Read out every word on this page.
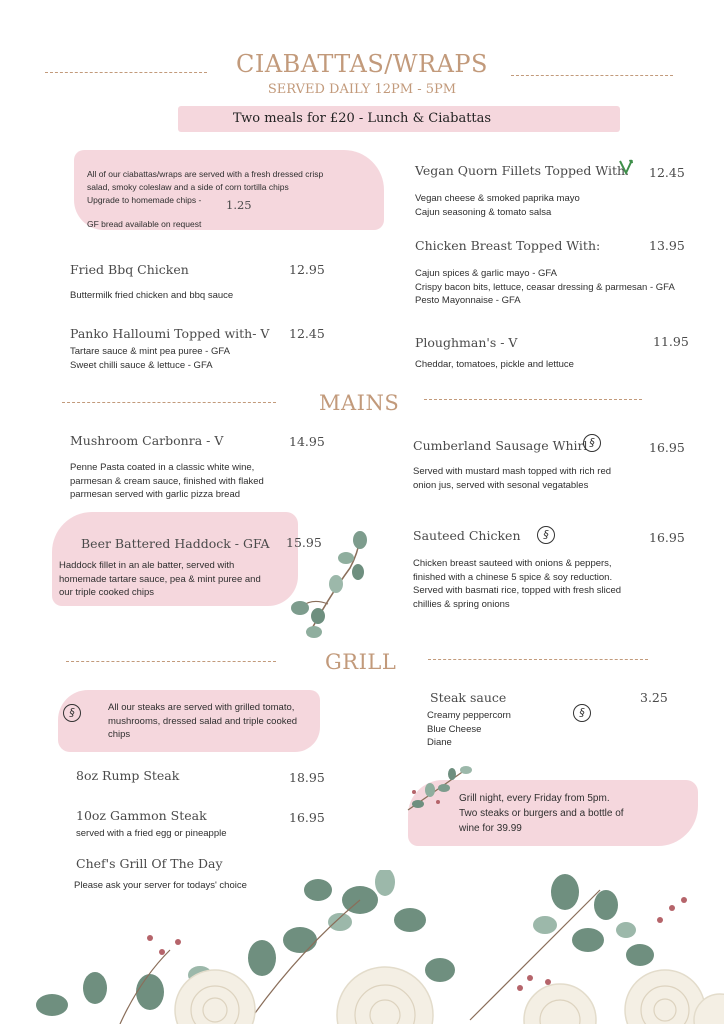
CIABATTAS/WRAPS
SERVED DAILY 12PM - 5PM
Two meals for £20 - Lunch & Ciabattas
All of our ciabattas/wraps are served with a fresh dressed crisp
salad, smoky coleslaw and a side of corn tortilla chips
Upgrade to homemade chips -	1.25
GF bread available on request
Fried Bbq Chicken	12.95
Buttermilk fried chicken and bbq sauce
Panko Halloumi Topped with- V 12.45
Tartare sauce & mint pea puree - GFA
Sweet chilli sauce & lettuce - GFA
Vegan Quorn Fillets Topped With: 12.45
Vegan cheese & smoked paprika mayo
Cajun seasoning & tomato salsa
Chicken Breast Topped With:	13.95
Cajun spices & garlic mayo - GFA
Crispy bacon bits, lettuce, ceasar dressing & parmesan - GFA
Pesto Mayonnaise - GFA
Ploughman's - V	11.95
Cheddar, tomatoes, pickle and lettuce
MAINS
Mushroom Carbonra - V	14.95
Penne Pasta coated in a classic white wine,
parmesan & cream sauce, finished with flaked
parmesan served with garlic pizza bread
Beer Battered Haddock - GFA 15.95
Haddock fillet in an ale batter, served with
homemade tartare sauce, pea & mint puree and
our triple cooked chips
Cumberland Sausage Whirl §	16.95
Served with mustard mash topped with rich red
onion jus, served with sesonal vegatables
Sauteed Chicken	§	16.95
Chicken breast sauteed with onions & peppers,
finished with a chinese 5 spice & soy reduction.
Served with basmati rice, topped with fresh sliced
chillies & spring onions
GRILL
§	All our steaks are served with grilled tomato,
mushrooms, dressed salad and triple cooked
chips
8oz Rump Steak	18.95
10oz Gammon Steak	16.95
served with a fried egg or pineapple
Chef's Grill Of The Day
Please ask your server for todays' choice
Steak sauce	3.25
Creamy peppercorn
Blue Cheese
Diane
§
Grill night, every Friday from 5pm.
Two steaks or burgers and a bottle of
wine for 39.99
